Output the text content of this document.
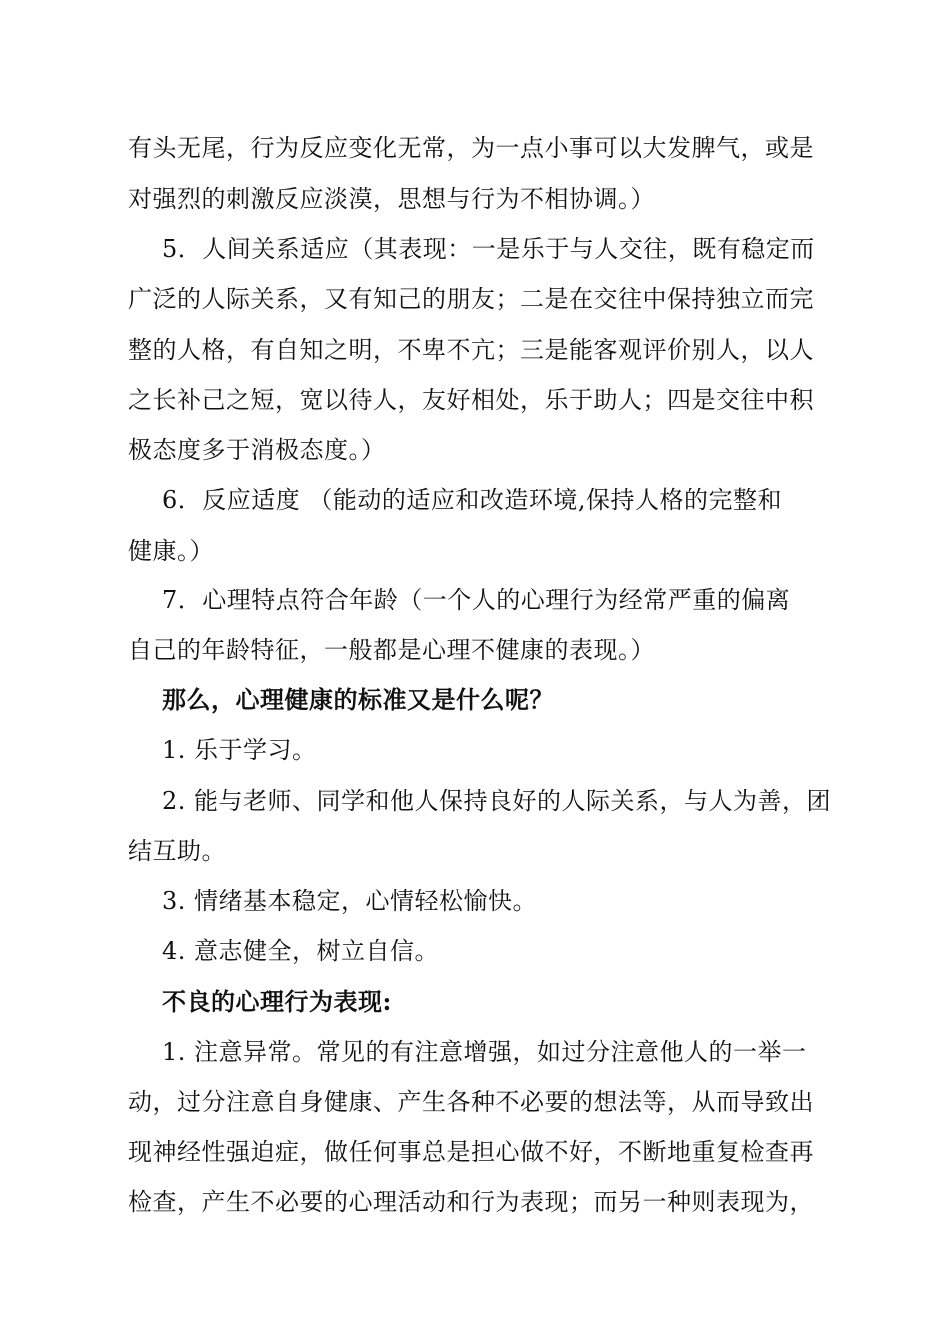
有头无尾，行为反应变化无常，为一点小事可以大发脾气，或是
对强烈的刺激反应淡漠，思想与行为不相协调。）
5．人间关系适应（其表现：一是乐于与人交往，既有稳定而
广泛的人际关系，又有知己的朋友；二是在交往中保持独立而完
整的人格，有自知之明，不卑不亢；三是能客观评价别人，以人
之长补己之短，宽以待人，友好相处，乐于助人；四是交往中积
极态度多于消极态度。）
6．反应适度 （能动的适应和改造环境,保持人格的完整和
健康。）
7．心理特点符合年龄（一个人的心理行为经常严重的偏离
自己的年龄特征，一般都是心理不健康的表现。）
那么，心理健康的标准又是什么呢？
1. 乐于学习。
2. 能与老师、同学和他人保持良好的人际关系，与人为善，团
结互助。
3. 情绪基本稳定，心情轻松愉快。
4. 意志健全，树立自信。
不良的心理行为表现:
1. 注意异常。常见的有注意增强，如过分注意他人的一举一
动，过分注意自身健康、产生各种不必要的想法等，从而导致出
现神经性强迫症，做任何事总是担心做不好，不断地重复检查再
检查，产生不必要的心理活动和行为表现；而另一种则表现为，
